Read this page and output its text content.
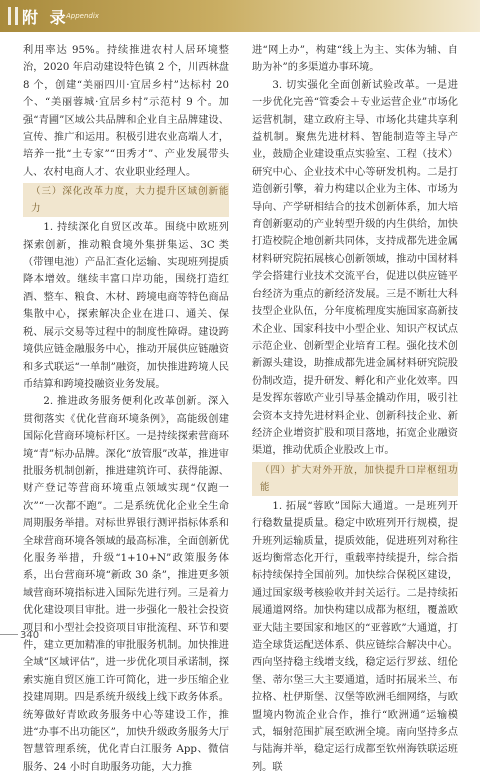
附 录
Appendix

利用率达 95%。持续推进农村人居环境整治，2020 年启动建设特色镇 2 个，川西林盘 8 个，创建“美丽四川·宜居乡村”达标村 20 个、“美丽蓉城·宜居乡村”示范村 9 个。加强“青圃”区域公共品牌和企业自主品牌建设、宣传、推广和运用。积极引进农业高端人才，培养一批“土专家”“田秀才”、产业发展带头人、农村电商人才、农业职业经理人。

（三）深化改革力度，大力提升区域创新能力

1. 持续深化自贸区改革。围绕中欧班列探索创新，推动粮食境外集拼集运、3C 类（带锂电池）产品汇查化运输、实现班列提质降本增效。继续丰富口岸功能，围绕打造红酒、整车、粮食、木材、跨境电商等特色商品集散中心，探索解决企业在进口、通关、保税、展示交易等过程中的制度性障碍。建设跨境供应链金融服务中心，推动开展供应链融资和多式联运“一单制”融资，加快推进跨境人民币结算和跨境投融资业务发展。

2. 推进政务服务便利化改革创新。深入贯彻落实《优化营商环境条例》，高能级创建国际化营商环境标杆区。一是持续探索营商环境“青”标办品牌。深化“放管服”改革，推进审批服务机制创新，推进建筑许可、获得能源、财产登记等营商环境重点领域实现“仅跑一次”“一次都不跑”。二是系统优化企业全生命周期服务举措。对标世界银行测评指标体系和全球营商环境各领域的最高标准，全面创新优化服务举措，升级“1+10+N”政策服务体系，出台营商环境“新政 30 条”，推进更多领域营商环境指标进入国际先进行列。三是着力优化建设项目审批。进一步强化一般社会投资项目和小型社会投资项目审批流程、环节和要件，建立更加精准的审批服务机制。加快推进全域“区域评估”，进一步优化项目承诺制，探索实施自贸区施工许可简化，进一步压缩企业投建周期。四是系统升级线上线下政务体系。统筹做好青欧政务服务中心等建设工作，推进“办事不出功能区”，加快升级政务服务大厅智慧管理系统，优化青白江服务 App、微信服务、24 小时自助服务功能，大力推

进“网上办”，构建“线上为主、实体为辅、自助为补”的多渠道办事环境。

3. 切实强化全面创新试验改革。一是进一步优化完善“管委会＋专业运营企业”市场化运营机制，建立政府主导、市场化共建共享利益机制。聚焦先进材料、智能制造等主导产业，鼓励企业建设重点实验室、工程（技术）研究中心、企业技术中心等研发机构。二是打造创新引擎，着力构建以企业为主体、市场为导向、产学研相结合的技术创新体系，加大培育创新驱动的产业转型升级的内生供给，加快打造校院企地创新共同体，支持成都先进金属材料研究院拓展核心创新领域，推动中国材料学会搭建行业技术交流平台，促进以供应链平台经济为重点的新经济发展。三是不断壮大科技型企业队伍，分年度梳理度实施国家高新技术企业、国家科技中小型企业、知识产权试点示范企业、创新型企业培育工程。强化技术创新源头建设，助推成都先进金属材料研究院股份制改造，提升研发、孵化和产业化效率。四是发挥东蓉欧产业引导基金撬动作用，吸引社会资本支持先进材料企业、创新科技企业、新经济企业增资扩股和项目落地，拓宽企业融资渠道，推动优质企业股改上市。

（四）扩大对外开放，加快提升口岸枢纽功能

1. 拓展“蓉欧”国际大通道。一是班列开行稳数量提质量。稳定中欧班列开行规模，提升班列运输质量，提质效能，促进班列对称往返均衡常态化开行，重载率持续提升，综合指标持续保持全国前列。加快综合保税区建设，通过国家级考核验收并封关运行。二是持续拓展通道网络。加快构建以成都为枢纽，覆盖欧亚大陆主要国家和地区的“亚蓉欧”大通道，打造全球货运配送体系、供应链综合解决中心。西向坚持稳主线增支线，稳定运行罗兹、纽伦堡、蒂尔堡三大主要通道，适时拓展米兰、布拉格、杜伊斯堡、汉堡等欧洲毛细网络，与欧盟境内物流企业合作，推行“欧洲通”运输模式，辐射范围扩展至欧洲全境。南向坚持多点与陆海并举，稳定运行成都至钦州海铁联运班列。联

340
